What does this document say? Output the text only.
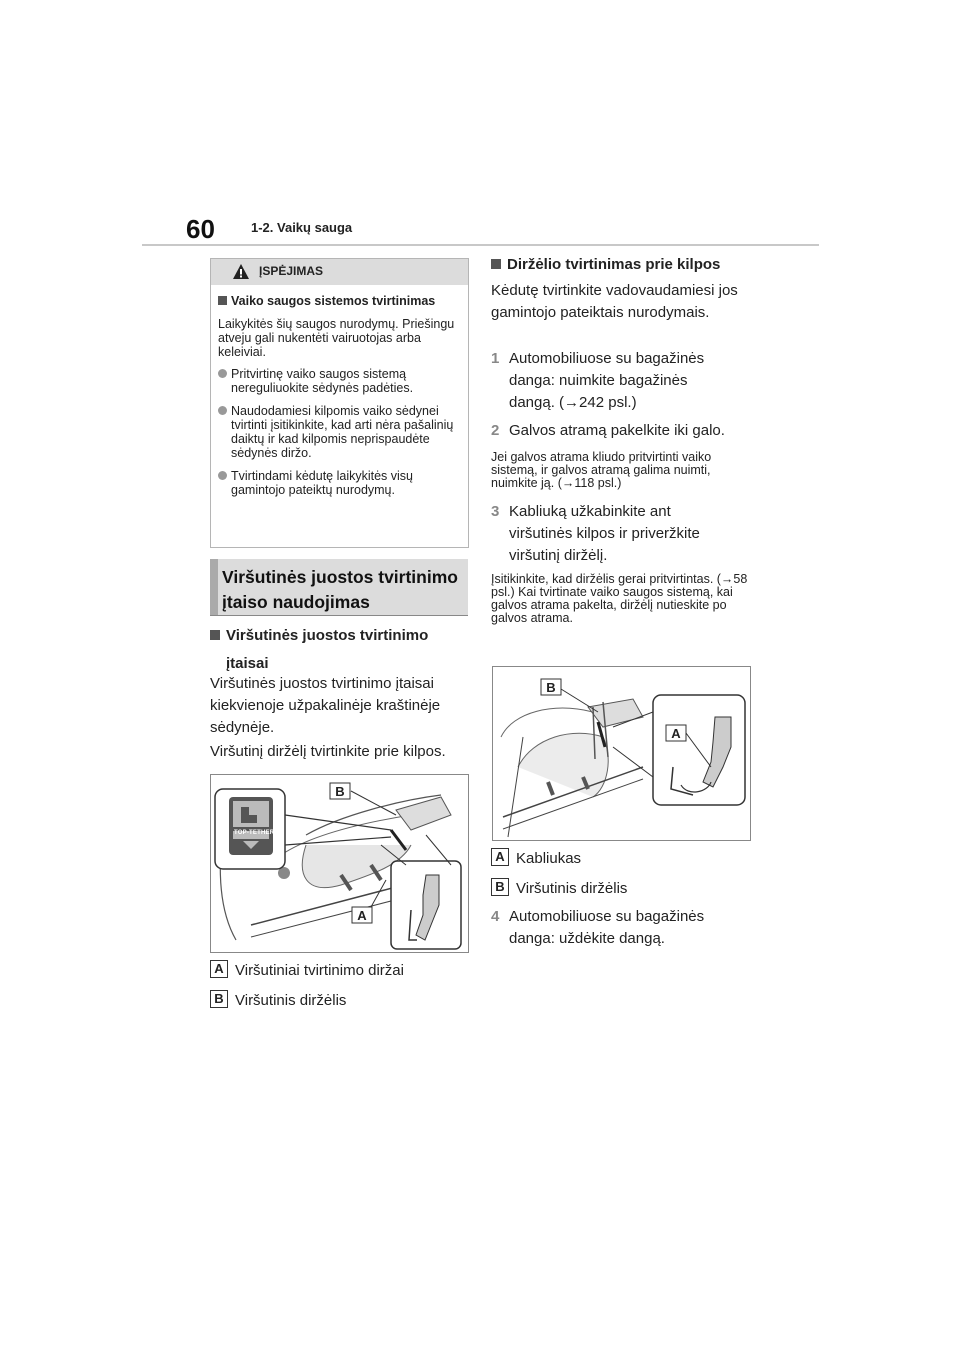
60	1-2. Vaikų sauga
ĮSPĖJIMAS
Vaiko saugos sistemos tvirtinimas
Laikykitės šių saugos nurodymų. Priešingu atveju gali nukentėti vairuotojas arba keleiviai.
Pritvirtinę vaiko saugos sistemą nereguliuokite sėdynės padėties.
Naudodamiesi kilpomis vaiko sėdynei tvirtinti įsitikinkite, kad arti nėra pašalinių daiktų ir kad kilpomis neprispaudėte sėdynės diržo.
Tvirtindami kėdutę laikykitės visų gamintojo pateiktų nurodymų.
Viršutinės juostos tvirtinimo
įtaiso naudojimas
Viršutinės juostos tvirtinimo
įtaisai
Viršutinės juostos tvirtinimo įtaisai kiekvienoje užpakalinėje kraštinėje sėdynėje.
Viršutinį diržėlį tvirtinkite prie kilpos.
B
A
TOP-TETHER
A Viršutiniai tvirtinimo diržai
B Viršutinis diržėlis
Diržėlio tvirtinimas prie kilpos
Kėdutę tvirtinkite vadovaudamiesi jos gamintojo pateiktais nurodymais.
1 Automobiliuose su bagažinės danga: nuimkite bagažinės dangą. (→242 psl.)
2 Galvos atramą pakelkite iki galo.
Jei galvos atrama kliudo pritvirtinti vaiko sistemą, ir galvos atramą galima nuimti, nuimkite ją. (→118 psl.)
3 Kabliuką užkabinkite ant viršutinės kilpos ir priveržkite viršutinį diržėlį.
Įsitikinkite, kad diržėlis gerai pritvirtintas. (→58 psl.) Kai tvirtinate vaiko saugos sistemą, kai galvos atrama pakelta, diržėlį nutieskite po galvos atrama.
B
A
A Kabliukas
B Viršutinis diržėlis
4 Automobiliuose su bagažinės danga: uždėkite dangą.
